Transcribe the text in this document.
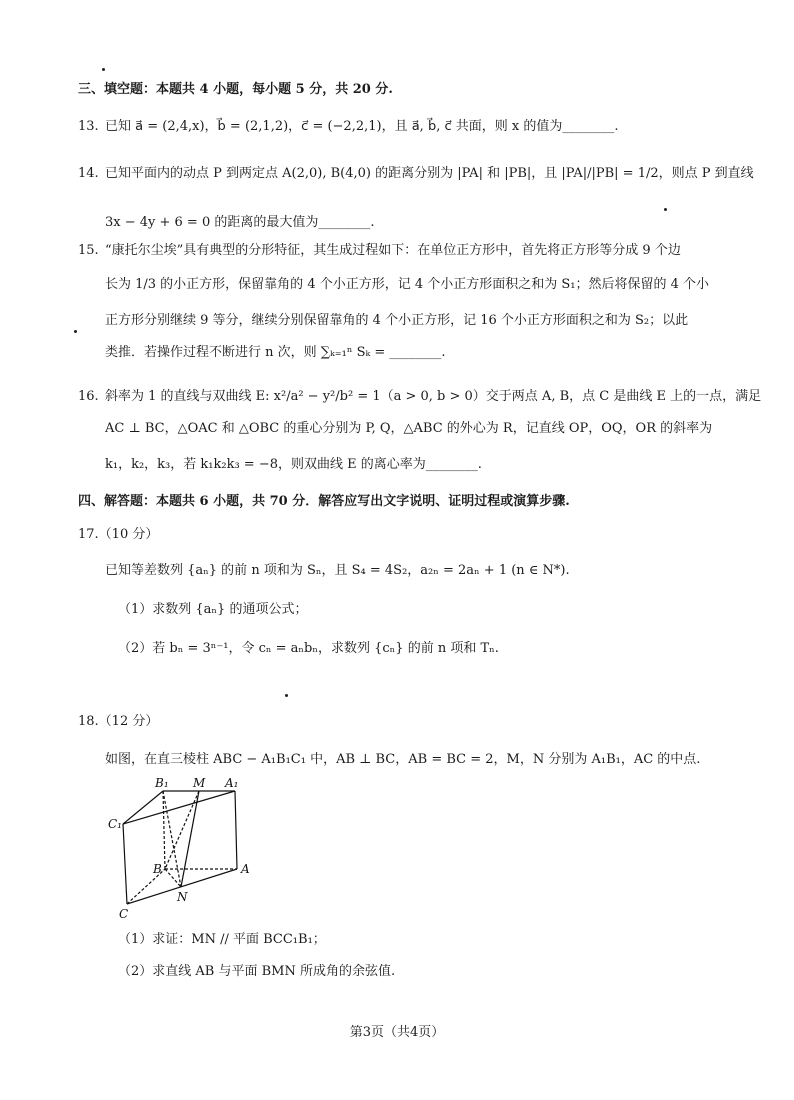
三、填空题：本题共 4 小题，每小题 5 分，共 20 分.
13. 已知 a⃗ = (2,4,x)，b⃗ = (2,1,2)，c⃗ = (−2,2,1)，且 a⃗, b⃗, c⃗ 共面，则 x 的值为________.
14. 已知平面内的动点 P 到两定点 A(2,0), B(4,0) 的距离分别为 |PA| 和 |PB|，且 |PA|/|PB| = 1/2，则点 P 到直线
3x − 4y + 6 = 0 的距离的最大值为________.
15. “康托尔尘埃”具有典型的分形特征，其生成过程如下：在单位正方形中，首先将正方形等分成 9 个边
长为 1/3 的小正方形，保留靠角的 4 个小正方形，记 4 个小正方形面积之和为 S₁；然后将保留的 4 个小
正方形分别继续 9 等分，继续分别保留靠角的 4 个小正方形，记 16 个小正方形面积之和为 S₂；以此
类推．若操作过程不断进行 n 次，则 ∑ₖ₌₁ⁿ Sₖ = ________.
16. 斜率为 1 的直线与双曲线 E: x²/a² − y²/b² = 1（a > 0, b > 0）交于两点 A, B，点 C 是曲线 E 上的一点，满足
AC ⊥ BC，△OAC 和 △OBC 的重心分别为 P, Q，△ABC 的外心为 R，记直线 OP，OQ，OR 的斜率为
k₁，k₂，k₃，若 k₁k₂k₃ = −8，则双曲线 E 的离心率为________.
四、解答题：本题共 6 小题，共 70 分．解答应写出文字说明、证明过程或演算步骤.
17.（10 分）
已知等差数列 {aₙ} 的前 n 项和为 Sₙ，且 S₄ = 4S₂，a₂ₙ = 2aₙ + 1 (n ∈ N*).
（1）求数列 {aₙ} 的通项公式；
（2）若 bₙ = 3ⁿ⁻¹，令 cₙ = aₙbₙ，求数列 {cₙ} 的前 n 项和 Tₙ.
18.（12 分）
如图，在直三棱柱 ABC − A₁B₁C₁ 中，AB ⊥ BC，AB = BC = 2，M，N 分别为 A₁B₁，AC 的中点.
B₁ M A₁
C₁
B	A
N
C
（1）求证：MN // 平面 BCC₁B₁；
（2）求直线 AB 与平面 BMN 所成角的余弦值.
第3页（共4页）
